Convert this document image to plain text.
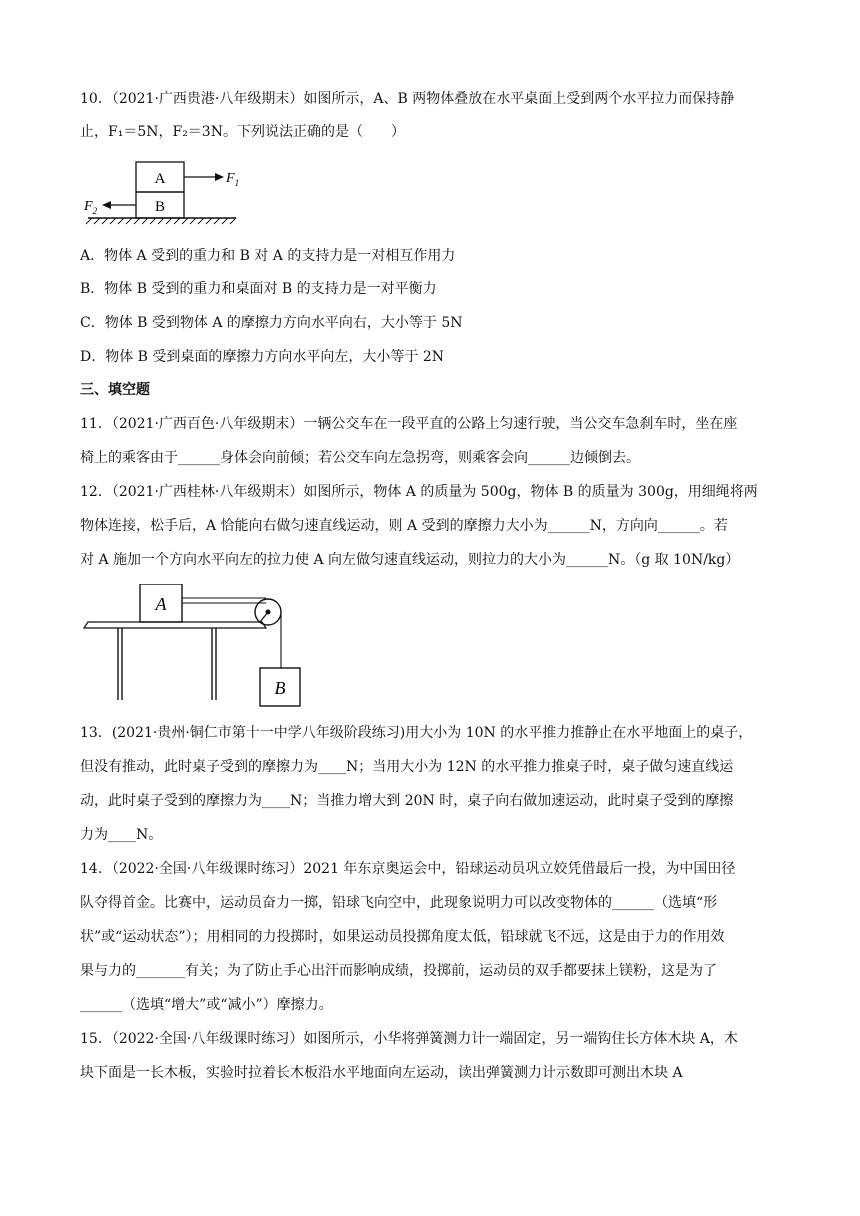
10．（2021·广西贵港·八年级期末）如图所示，A、B 两物体叠放在水平桌面上受到两个水平拉力而保持静

止，F₁＝5N，F₂＝3N。下列说法正确的是（　　）

A
B
$F_1$
$F_2$

A．物体 A 受到的重力和 B 对 A 的支持力是一对相互作用力

B．物体 B 受到的重力和桌面对 B 的支持力是一对平衡力

C．物体 B 受到物体 A 的摩擦力方向水平向右，大小等于 5N

D．物体 B 受到桌面的摩擦力方向水平向左，大小等于 2N

三、填空题

11．（2021·广西百色·八年级期末）一辆公交车在一段平直的公路上匀速行驶，当公交车急刹车时，坐在座

椅上的乘客由于______身体会向前倾；若公交车向左急拐弯，则乘客会向______边倾倒去。

12．（2021·广西桂林·八年级期末）如图所示，物体 A 的质量为 500g，物体 B 的质量为 300g，用细绳将两

物体连接，松手后，A 恰能向右做匀速直线运动，则 A 受到的摩擦力大小为______N，方向向______。若

对 A 施加一个方向水平向左的拉力使 A 向左做匀速直线运动，则拉力的大小为______N。（g 取 10N/kg）

A
B

13．(2021·贵州·铜仁市第十一中学八年级阶段练习)用大小为 10N 的水平推力推静止在水平地面上的桌子，

但没有推动，此时桌子受到的摩擦力为____N；当用大小为 12N 的水平推力推桌子时，桌子做匀速直线运

动，此时桌子受到的摩擦力为____N；当推力增大到 20N 时，桌子向右做加速运动，此时桌子受到的摩擦

力为____N。

14．（2022·全国·八年级课时练习）2021 年东京奥运会中，铅球运动员巩立姣凭借最后一投，为中国田径

队夺得首金。比赛中，运动员奋力一掷，铅球飞向空中，此现象说明力可以改变物体的______（选填“形

状”或“运动状态”）；用相同的力投掷时，如果运动员投掷角度太低，铅球就飞不远，这是由于力的作用效

果与力的_______有关；为了防止手心出汗而影响成绩，投掷前，运动员的双手都要抹上镁粉，这是为了

______（选填“增大”或“减小”）摩擦力。

15．（2022·全国·八年级课时练习）如图所示，小华将弹簧测力计一端固定，另一端钩住长方体木块 A，木

块下面是一长木板，实验时拉着长木板沿水平地面向左运动，读出弹簧测力计示数即可测出木块 A
